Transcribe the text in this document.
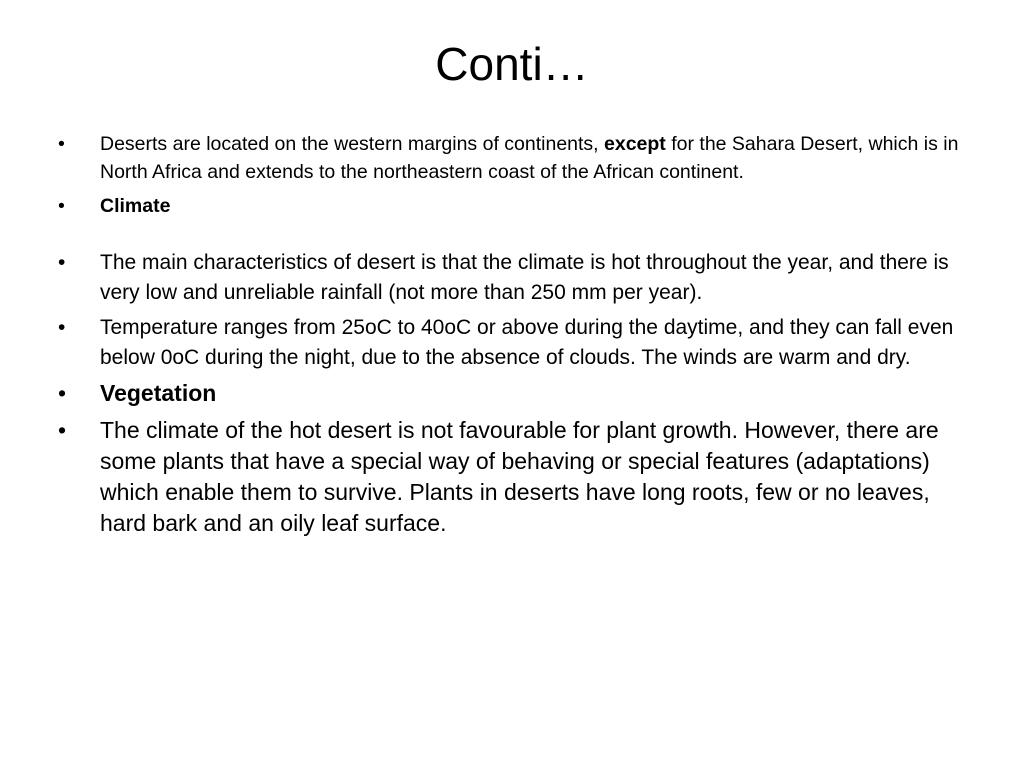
Conti…
• Deserts are located on the western margins of continents, except for the Sahara Desert, which is in North Africa and extends to the northeastern coast of the African continent.
• Climate
• The main characteristics of desert is that the climate is hot throughout the year, and there is very low and unreliable rainfall (not more than 250 mm per year).
• Temperature ranges from 25oC to 40oC or above during the daytime, and they can fall even below 0oC during the night, due to the absence of clouds. The winds are warm and dry.
• Vegetation
• The climate of the hot desert is not favourable for plant growth. However, there are some plants that have a special way of behaving or special features (adaptations) which enable them to survive. Plants in deserts have long roots, few or no leaves, hard bark and an oily leaf surface.
